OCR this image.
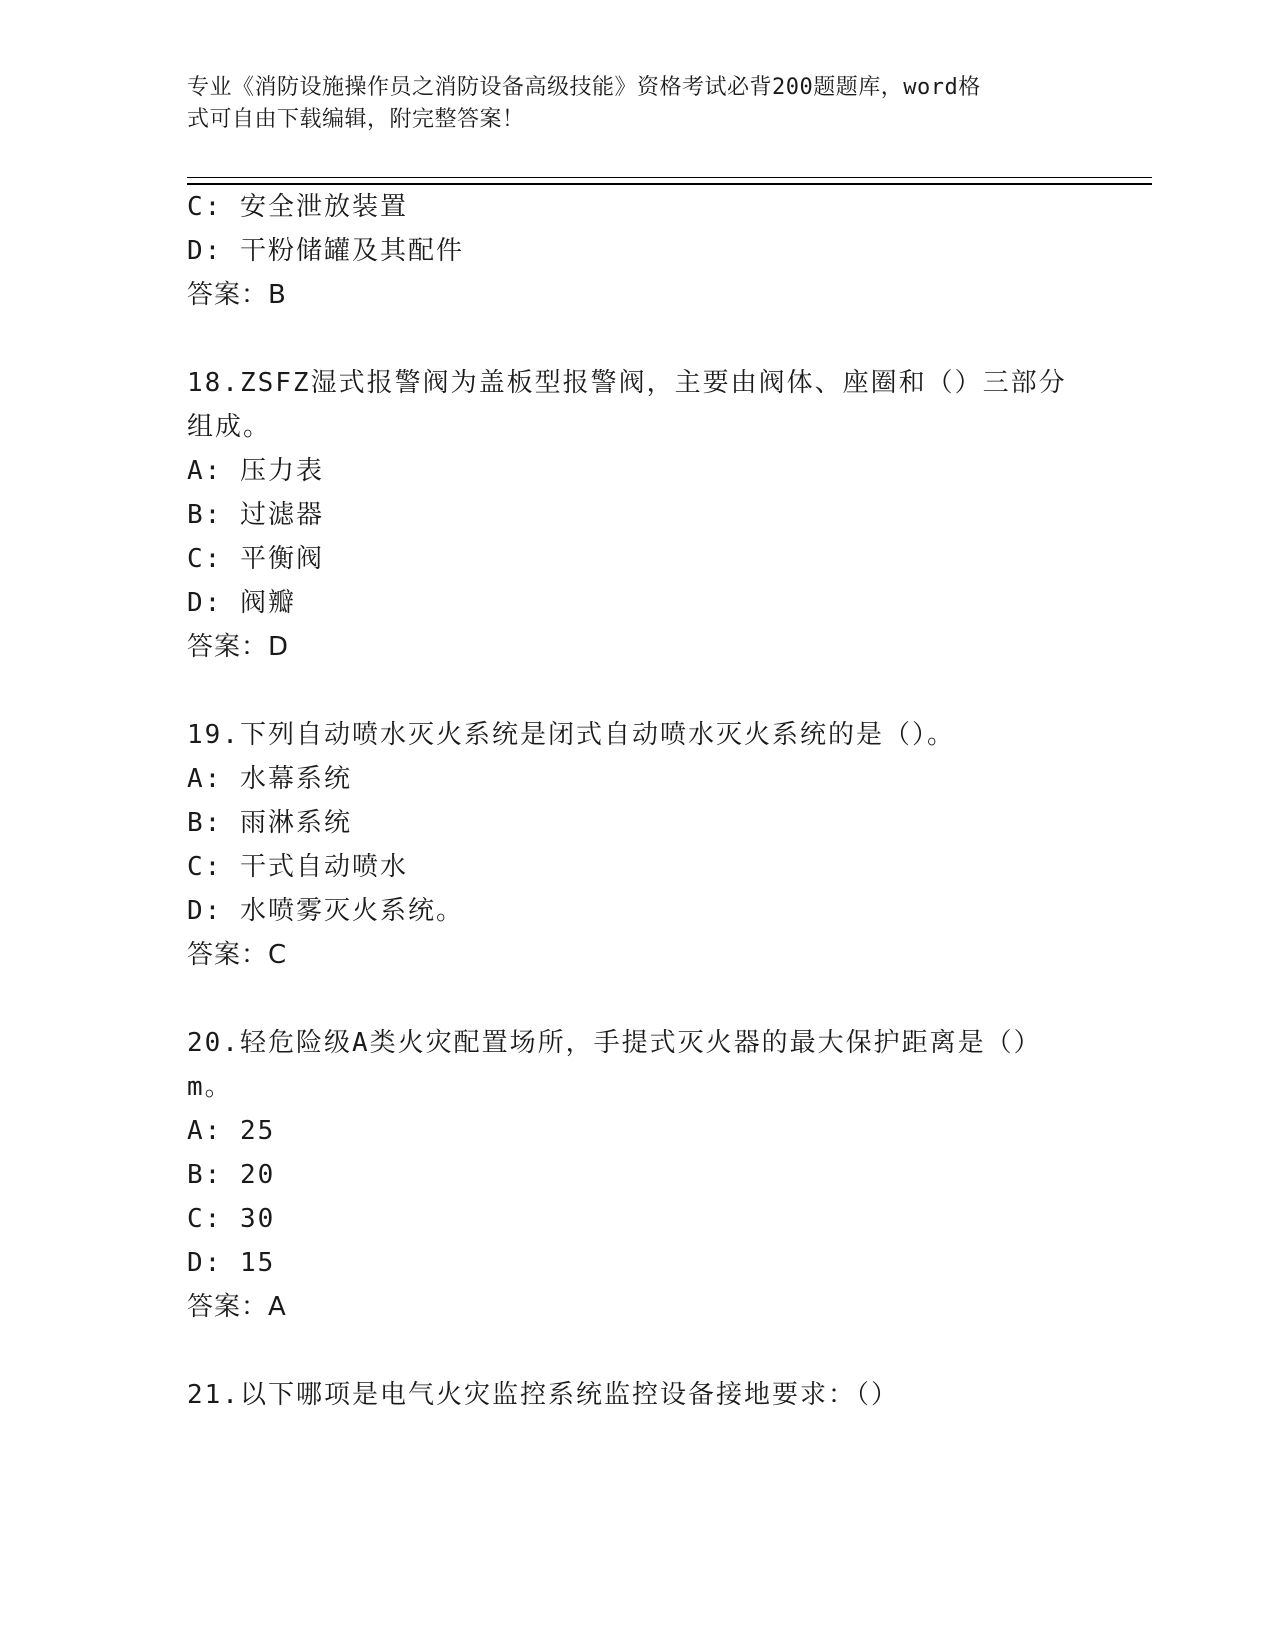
专业《消防设施操作员之消防设备高级技能》资格考试必背200题题库，word格
式可自由下载编辑，附完整答案！
C: 安全泄放装置
D: 干粉储罐及其配件
答案：B
18.ZSFZ湿式报警阀为盖板型报警阀，主要由阀体、座圈和（）三部分
组成。
A: 压力表
B: 过滤器
C: 平衡阀
D: 阀瓣
答案：D
19.下列自动喷水灭火系统是闭式自动喷水灭火系统的是（）。
A: 水幕系统
B: 雨淋系统
C: 干式自动喷水
D: 水喷雾灭火系统。
答案：C
20.轻危险级A类火灾配置场所，手提式灭火器的最大保护距离是（）
m。
A: 25
B: 20
C: 30
D: 15
答案：A
21.以下哪项是电气火灾监控系统监控设备接地要求：（）
